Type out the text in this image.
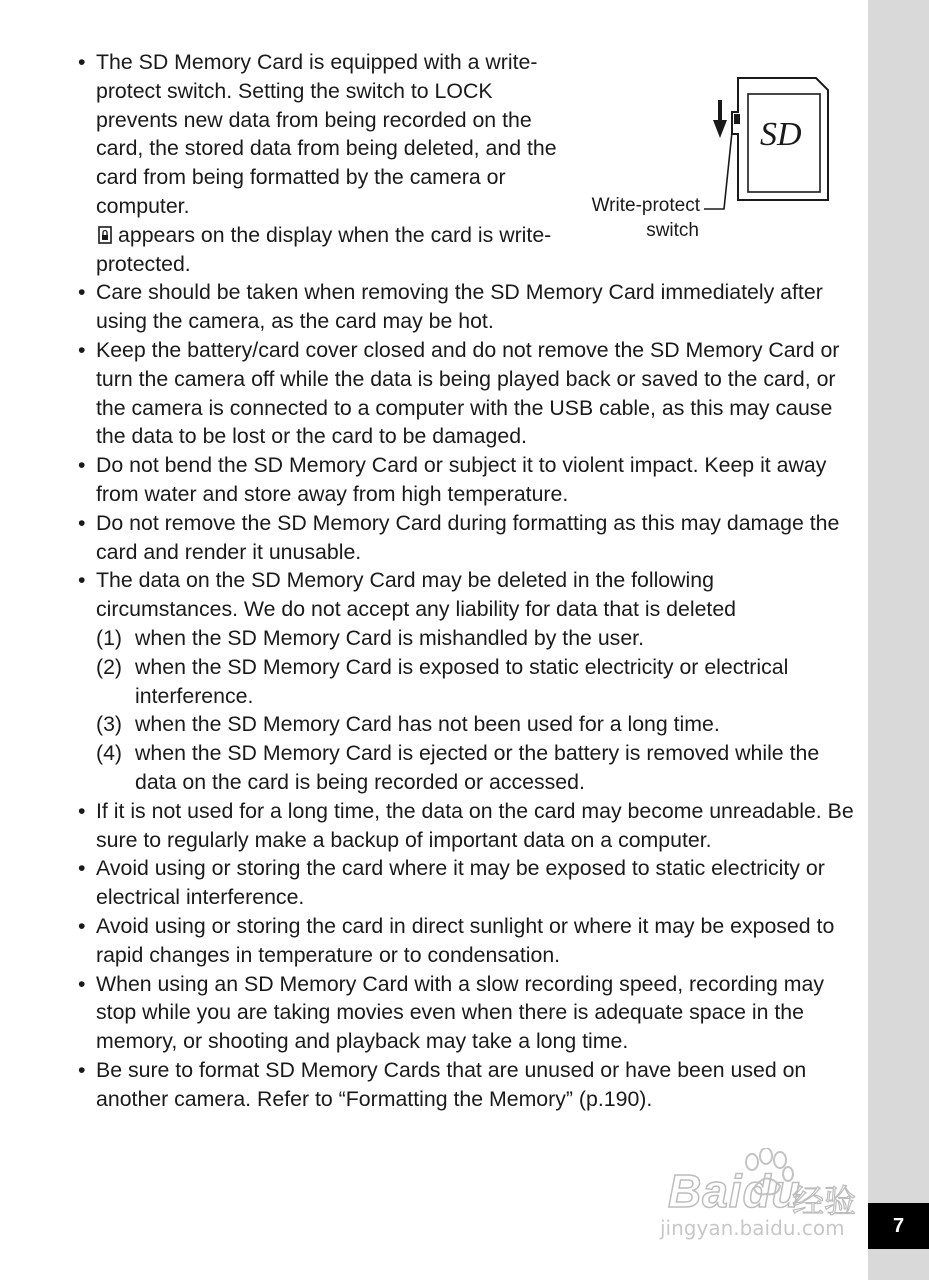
7
SD
Write-protect
switch
• The SD Memory Card is equipped with a write-protect switch. Setting the switch to LOCK prevents new data from being recorded on the card, the stored data from being deleted, and the card from being formatted by the camera or computer.
appears on the display when the card is write-protected.
• Care should be taken when removing the SD Memory Card immediately after using the camera, as the card may be hot.
• Keep the battery/card cover closed and do not remove the SD Memory Card or turn the camera off while the data is being played back or saved to the card, or the camera is connected to a computer with the USB cable, as this may cause the data to be lost or the card to be damaged.
• Do not bend the SD Memory Card or subject it to violent impact. Keep it away from water and store away from high temperature.
• Do not remove the SD Memory Card during formatting as this may damage the card and render it unusable.
• The data on the SD Memory Card may be deleted in the following circumstances. We do not accept any liability for data that is deleted
(1) when the SD Memory Card is mishandled by the user.
(2) when the SD Memory Card is exposed to static electricity or electrical interference.
(3) when the SD Memory Card has not been used for a long time.
(4) when the SD Memory Card is ejected or the battery is removed while the data on the card is being recorded or accessed.
• If it is not used for a long time, the data on the card may become unreadable. Be sure to regularly make a backup of important data on a computer.
• Avoid using or storing the card where it may be exposed to static electricity or electrical interference.
• Avoid using or storing the card in direct sunlight or where it may be exposed to rapid changes in temperature or to condensation.
• When using an SD Memory Card with a slow recording speed, recording may stop while you are taking movies even when there is adequate space in the memory, or shooting and playback may take a long time.
• Be sure to format SD Memory Cards that are unused or have been used on another camera. Refer to “Formatting the Memory” (p.190).
Baidu
经验
jingyan.baidu.com
